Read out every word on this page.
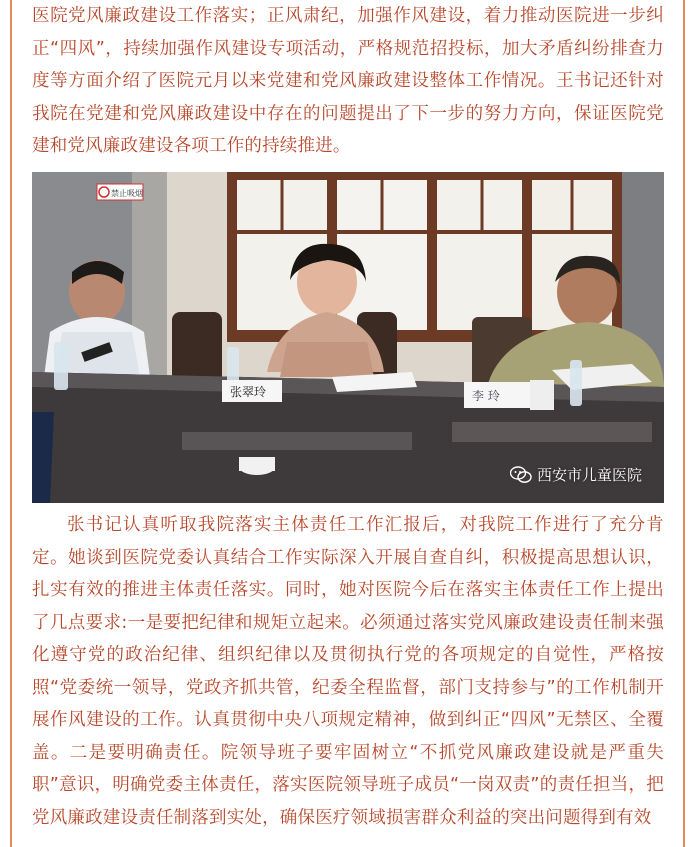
医院党风廉政建设工作落实；正风肃纪，加强作风建设，着力推动医院进一步纠正“四风”，持续加强作风建设专项活动，严格规范招投标，加大矛盾纠纷排查力度等方面介绍了医院元月以来党建和党风廉政建设整体工作情况。王书记还针对我院在党建和党风廉政建设中存在的问题提出了下一步的努力方向，保证医院党建和党风廉政建设各项工作的持续推进。
禁止吸烟
张翠玲	李 玲
西安市儿童医院
张书记认真听取我院落实主体责任工作汇报后，对我院工作进行了充分肯定。她谈到医院党委认真结合工作实际深入开展自查自纠，积极提高思想认识，扎实有效的推进主体责任落实。同时，她对医院今后在落实主体责任工作上提出了几点要求:一是要把纪律和规矩立起来。必须通过落实党风廉政建设责任制来强化遵守党的政治纪律、组织纪律以及贯彻执行党的各项规定的自觉性，严格按照“党委统一领导，党政齐抓共管，纪委全程监督，部门支持参与”的工作机制开展作风建设的工作。认真贯彻中央八项规定精神，做到纠正“四风”无禁区、全覆盖。二是要明确责任。院领导班子要牢固树立“不抓党风廉政建设就是严重失职”意识，明确党委主体责任，落实医院领导班子成员“一岗双责”的责任担当，把党风廉政建设责任制落到实处，确保医疗领域损害群众利益的突出问题得到有效
